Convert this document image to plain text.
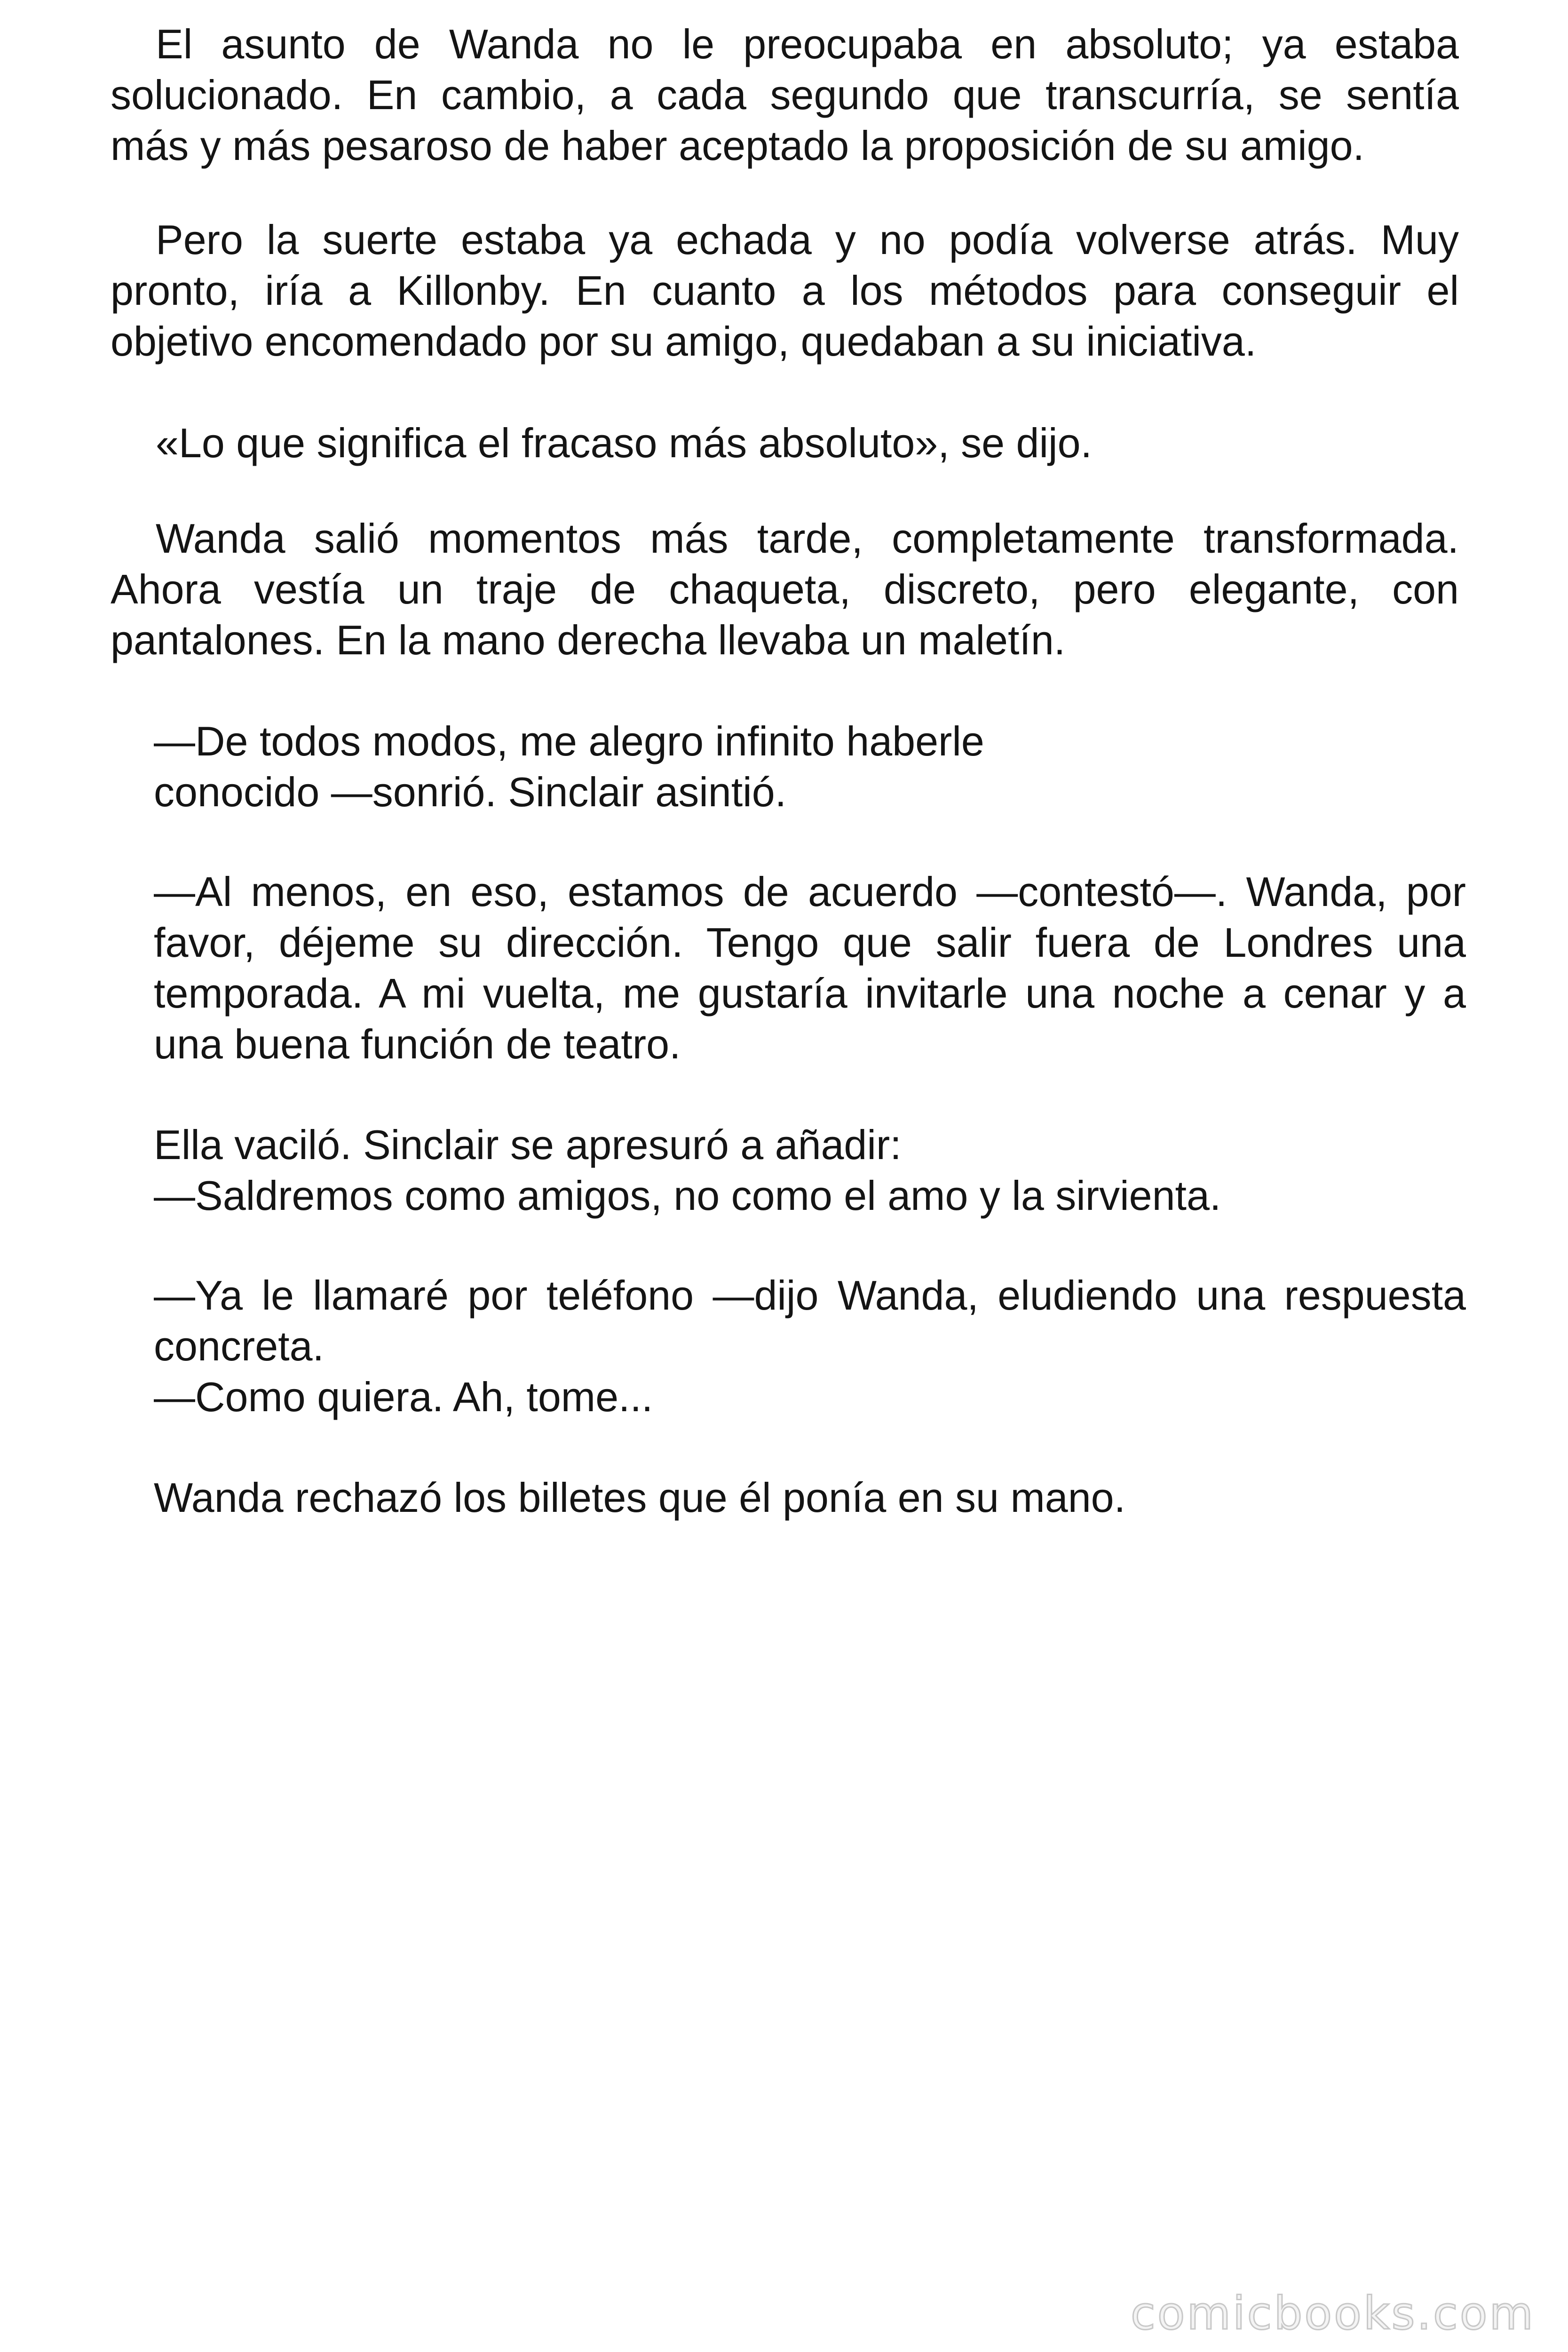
El asunto de Wanda no le preocupaba en absoluto; ya estaba
solucionado. En cambio, a cada segundo que transcurría, se sentía
más y más pesaroso de haber aceptado la proposición de su amigo.
Pero la suerte estaba ya echada y no podía volverse atrás. Muy
pronto, iría a Killonby. En cuanto a los métodos para conseguir el
objetivo encomendado por su amigo, quedaban a su iniciativa.
«Lo que significa el fracaso más absoluto», se dijo.
Wanda salió momentos más tarde, completamente transformada.
Ahora vestía un traje de chaqueta, discreto, pero elegante, con
pantalones. En la mano derecha llevaba un maletín.
—De todos modos, me alegro infinito haberle
conocido —sonrió. Sinclair asintió.
—Al menos, en eso, estamos de acuerdo —contestó—. Wanda, por
favor, déjeme su dirección. Tengo que salir fuera de Londres una
temporada. A mi vuelta, me gustaría invitarle una noche a cenar y a
una buena función de teatro.
Ella vaciló. Sinclair se apresuró a añadir:
—Saldremos como amigos, no como el amo y la sirvienta.
—Ya le llamaré por teléfono —dijo Wanda, eludiendo una respuesta
concreta.
—Como quiera. Ah, tome...
Wanda rechazó los billetes que él ponía en su mano.
comicbooks.com
